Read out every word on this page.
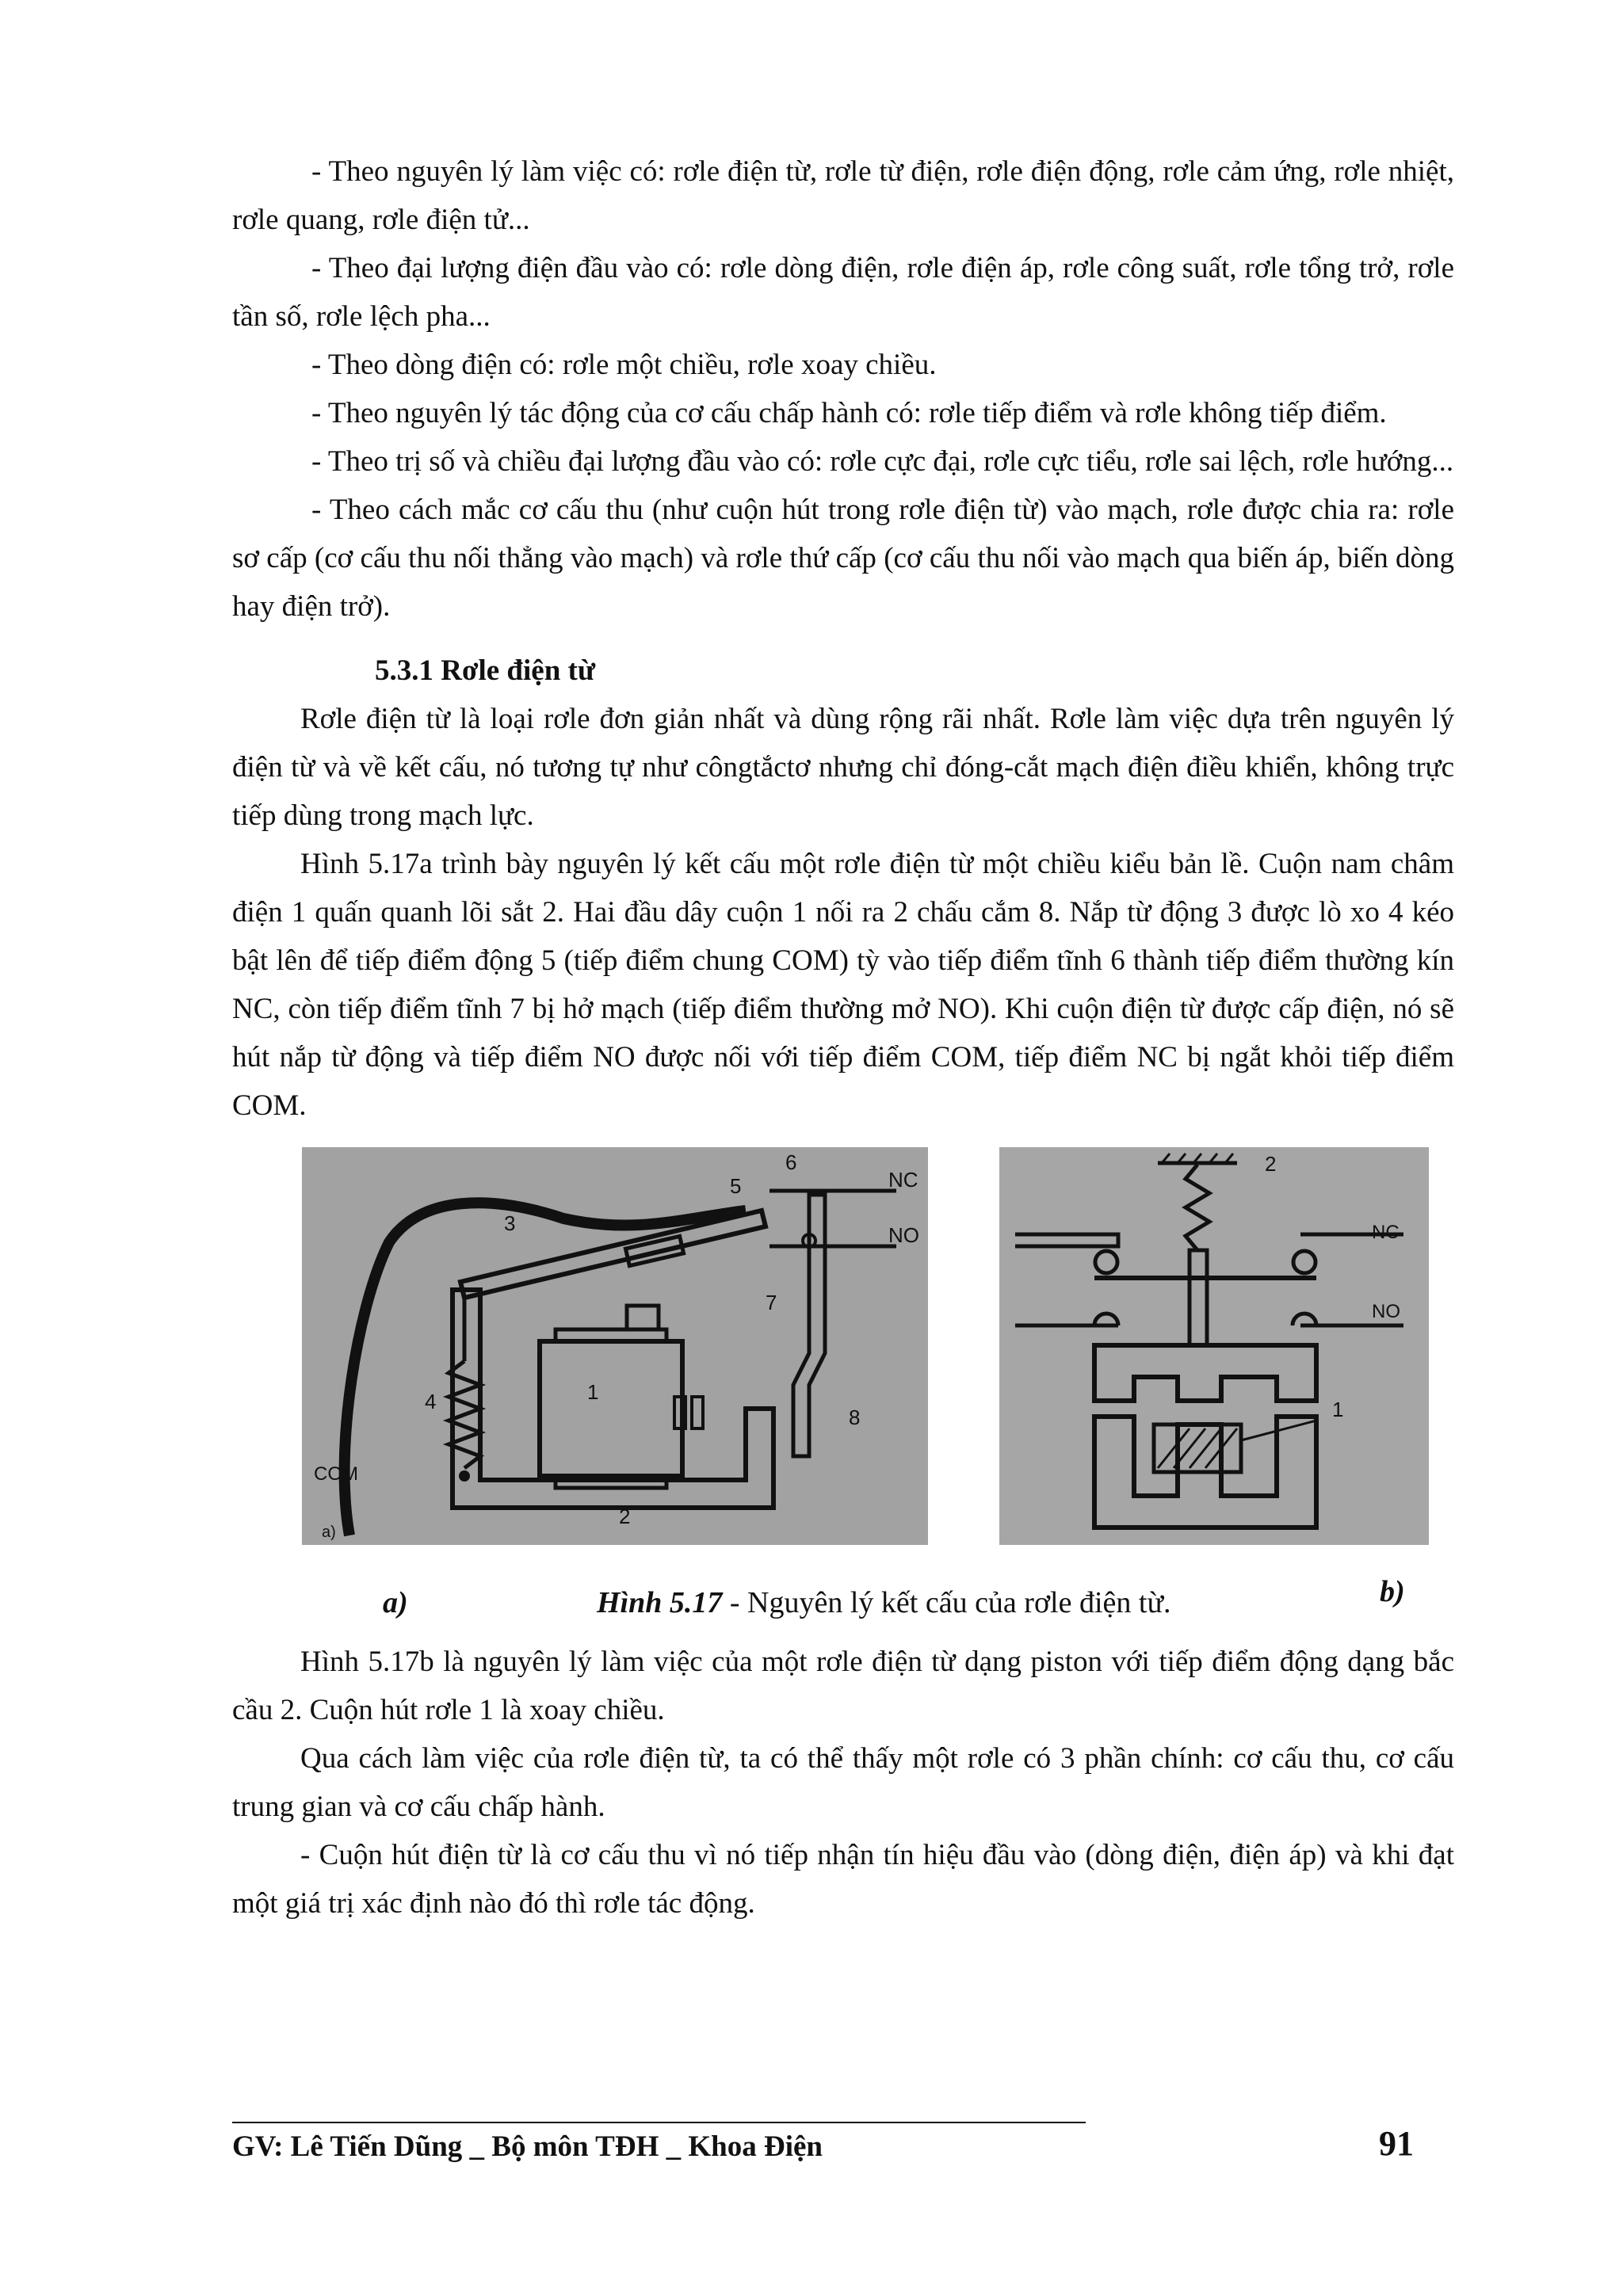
- Theo nguyên lý làm việc có: rơle điện từ, rơle từ điện, rơle điện động, rơle cảm ứng, rơle nhiệt, rơle quang, rơle điện tử...

- Theo đại lượng điện đầu vào có: rơle dòng điện, rơle điện áp, rơle công suất, rơle tổng trở, rơle tần số, rơle lệch pha...

- Theo dòng điện có: rơle một chiều, rơle xoay chiều.

- Theo nguyên lý tác động của cơ cấu chấp hành có: rơle tiếp điểm và rơle không tiếp điểm.

- Theo trị số và chiều đại lượng đầu vào có: rơle cực đại, rơle cực tiểu, rơle sai lệch, rơle hướng...

- Theo cách mắc cơ cấu thu (như cuộn hút trong rơle điện từ) vào mạch, rơle được chia ra: rơle sơ cấp (cơ cấu thu nối thẳng vào mạch) và rơle thứ cấp (cơ cấu thu nối vào mạch qua biến áp, biến dòng hay điện trở).

5.3.1 Rơle điện từ

Rơle điện từ là loại rơle đơn giản nhất và dùng rộng rãi nhất. Rơle làm việc dựa trên nguyên lý điện từ và về kết cấu, nó tương tự như côngtắctơ nhưng chỉ đóng-cắt mạch điện điều khiển, không trực tiếp dùng trong mạch lực.

Hình 5.17a trình bày nguyên lý kết cấu một rơle điện từ một chiều kiểu bản lề. Cuộn nam châm điện 1 quấn quanh lõi sắt 2. Hai đầu dây cuộn 1 nối ra 2 chấu cắm 8. Nắp từ động 3 được lò xo 4 kéo bật lên để tiếp điểm động 5 (tiếp điểm chung COM) tỳ vào tiếp điểm tĩnh 6 thành tiếp điểm thường kín NC, còn tiếp điểm tĩnh 7 bị hở mạch (tiếp điểm thường mở NO). Khi cuộn điện từ được cấp điện, nó sẽ hút nắp từ động và tiếp điểm NO được nối với tiếp điểm COM, tiếp điểm NC bị ngắt khỏi tiếp điểm COM.

NC
NO
1
2
3
4
5
6
7
8
COM
a)
2
1
NC
NO
a)	Hình 5.17 - Nguyên lý kết cấu của rơle điện từ.	b)

Hình 5.17b là nguyên lý làm việc của một rơle điện từ dạng piston với tiếp điểm động dạng bắc cầu 2. Cuộn hút rơle 1 là xoay chiều.

Qua cách làm việc của rơle điện từ, ta có thể thấy một rơle có 3 phần chính: cơ cấu thu, cơ cấu trung gian và cơ cấu chấp hành.

- Cuộn hút điện từ là cơ cấu thu vì nó tiếp nhận tín hiệu đầu vào (dòng điện, điện áp) và khi đạt một giá trị xác định nào đó thì rơle tác động.

GV: Lê Tiến Dũng _ Bộ môn TĐH _ Khoa Điện	91
